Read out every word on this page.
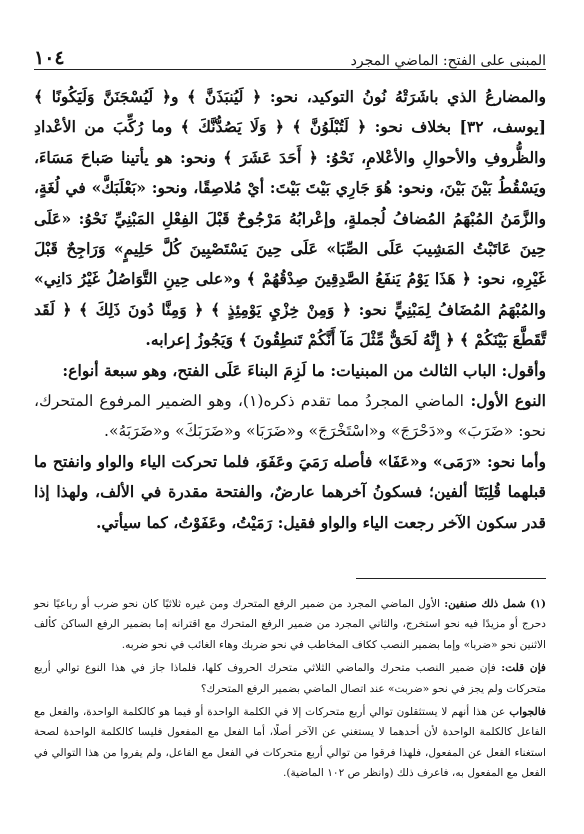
المبنى على الفتح: الماضي المجرد
١٠٤

والمضارعُ الذي باشَرَتْهُ نُونُ التوكيد، نحو: ﴿ لَيُنبَذَنَّ ﴾ و﴿ لَيُسْجَنَنَّ وَلَيَكُونًا ﴾ [يوسف، ٣٢] بخلاف نحو: ﴿ لَتُبْلَوُنَّ ﴾ ﴿ وَلَا يَصُدُّنَّكَ ﴾ وما رُكِّبَ من الأعْدادِ والظُّروفِ والأحوالِ والأعْلامِ، نَحْوُ: ﴿ أَحَدَ عَشَرَ ﴾ ونحو: هو يأتينا صَباحَ مَسَاءَ، ويَسْقُطُ بَيْنَ بَيْنَ، ونحو: هُوَ جَارِي بَيْتَ بَيْتَ: أيْ مُلاصِقًا، ونحو: «بَعْلَبَكَّ» في لُغَةٍ، والزَّمَنُ المُبْهَمُ المُضافُ لُجملةٍ، وإعْرابُهُ مَرْجُوحٌ قَبْلَ الفِعْلِ المَبْنِيِّ نَحْوُ: «عَلَى حِينَ عَاتَبْتُ المَشِيبَ عَلَى الصِّبَا» عَلَى حِينَ يَسْتَصْبِينَ كُلَّ حَلِيمٍ» وَرَاجِحٌ قَبْلَ غَيْرِهِ، نحو: ﴿ هَذَا يَوْمُ يَنفَعُ الصَّدِقِينَ صِدْقُهُمْ ﴾ و«على حِينِ التَّوَاصُلُ غَيْرُ دَانِي» والمُبْهَمُ المُضَافُ لِمَبْنِيٍّ نحو: ﴿ وَمِنْ خِزْيِ يَوْمِئِذٍ ﴾ ﴿ وَمِنَّا دُونَ ذَلِكَ ﴾ ﴿ لَقَد تَّقَطَّعَ بَيْنَكُمْ ﴾ ﴿ إِنَّهُ لَحَقٌّ مِّثْلَ مَآ أَنَّكُمْ تَنطِقُونَ ﴾ وَيَجُوزُ إعرابه.

وأقول: الباب الثالث من المبنيات: ما لَزِمَ البناءَ عَلَى الفتح، وهو سبعة أنواع:

النوع الأول: الماضي المجردُ مما تقدم ذكره(١)، وهو الضمير المرفوع المتحرك، نحو: «ضَرَبَ» و«دَحْرَجَ» و«اسْتَخْرَجَ» و«ضَرَبَا» و«ضَرَبَكَ» و«ضَرَبَهُ».

وأما نحو: «رَمَى» و«عَفَا» فأصله رَمَيَ وعَفَوَ، فلما تحركت الياء والواو وانفتح ما قبلهما قُلِبَتَا ألفين؛ فسكونُ آخرهما عارضٌ، والفتحة مقدرة في الألف، ولهذا إذا قدر سكون الآخر رجعت الياء والواو فقيل: رَمَيْتُ، وعَفَوْتُ، كما سيأتي.

(١) شمل ذلك صنفين: الأول الماضي المجرد من ضمير الرفع المتحرك ومن غيره ثلاثيًا كان نحو ضرب أو رباعيًا نحو دحرج أو مزيدًا فيه نحو استخرج، والثاني المجرد من ضمير الرفع المتحرك مع اقترانه إما بضمير الرفع الساكن كألف الاثنين نحو «ضربا» وإما بضمير النصب ككاف المخاطب في نحو ضربك وهاء الغائب في نحو ضربه.

فإن قلت: فإن ضمير النصب متحرك والماضي الثلاثي متحرك الحروف كلها، فلماذا جاز في هذا النوع توالي أربع متحركات ولم يجز في نحو «ضربت» عند اتصال الماضي بضمير الرفع المتحرك؟

فالجواب عن هذا أنهم لا يستثقلون توالي أربع متحركات إلا في الكلمة الواحدة أو فيما هو كالكلمة الواحدة، والفعل مع الفاعل كالكلمة الواحدة لأن أحدهما لا يستغني عن الآخر أصلًا، أما الفعل مع المفعول فليسا كالكلمة الواحدة لصحة استغناء الفعل عن المفعول، فلهذا فرقوا من توالي أربع متحركات في الفعل مع الفاعل، ولم يفروا من هذا التوالي في الفعل مع المفعول به، فاعرف ذلك (وانظر ص ١٠٢ الماضية).
